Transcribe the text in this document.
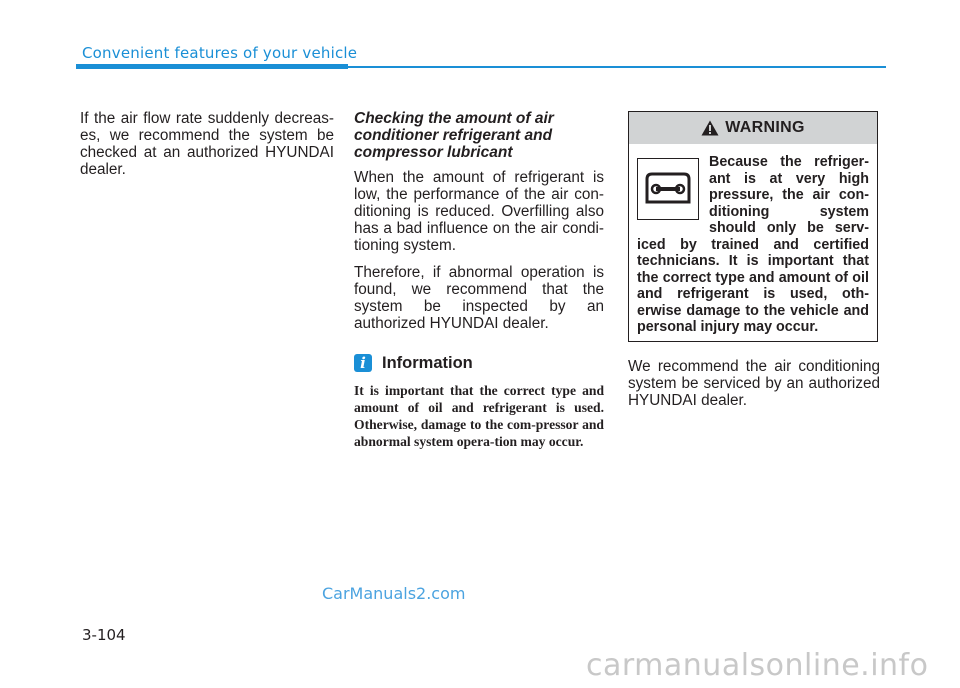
Convenient features of your vehicle

If the air flow rate suddenly decreas-es, we recommend the system be checked at an authorized HYUNDAI dealer.

Checking the amount of air conditioner refrigerant and compressor lubricant

When the amount of refrigerant is low, the performance of the air con-ditioning is reduced. Overfilling also has a bad influence on the air condi-tioning system.

Therefore, if abnormal operation is found, we recommend that the system be inspected by an authorized HYUNDAI dealer.

i Information

It is important that the correct type and amount of oil and refrigerant is used. Otherwise, damage to the com-pressor and abnormal system opera-tion may occur.

WARNING

Because the refriger-ant is at very high pressure, the air con-ditioning system should only be serv-iced by trained and certified technicians. It is important that the correct type and amount of oil and refrigerant is used, oth-erwise damage to the vehicle and personal injury may occur.

We recommend the air conditioning system be serviced by an authorized HYUNDAI dealer.

3-104
CarManuals2.com
carmanualsonline.info
